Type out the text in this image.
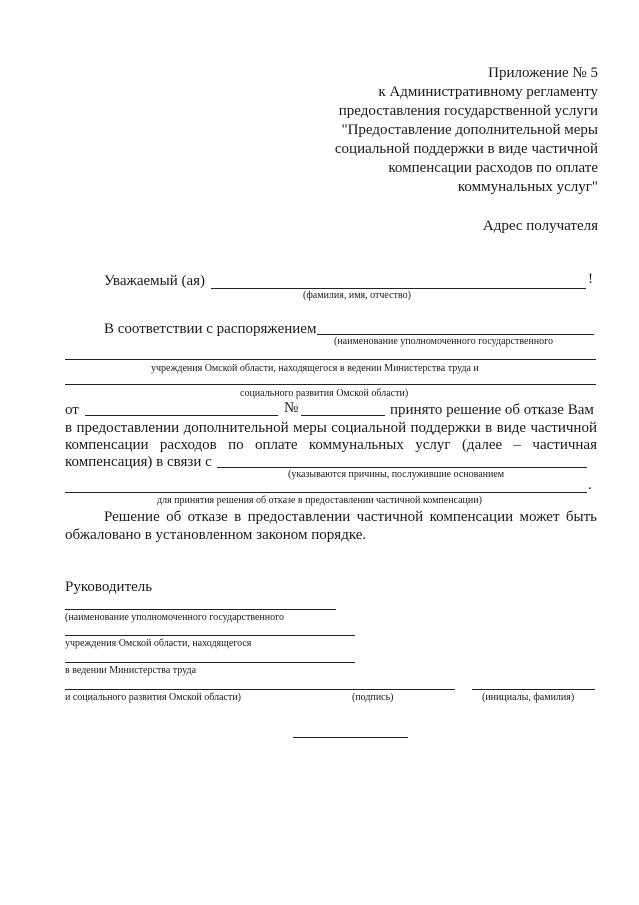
Приложение № 5
к Административному регламенту
предоставления государственной услуги
"Предоставление дополнительной меры
социальной поддержки в виде частичной
компенсации расходов по оплате
коммунальных услуг"
Адрес получателя
Уважаемый (ая)	!
(фамилия, имя, отчество)
В соответствии с распоряжением
(наименование уполномоченного государственного
учреждения Омской области, находящегося в ведении Министерства труда и
социального развития Омской области)
от	№	принято решение об отказе Вам
в предоставлении дополнительной меры социальной поддержки в виде частичной
компенсации расходов по оплате коммунальных услуг (далее – частичная
компенсация) в связи с
(указываются причины, послужившие основанием
.
для принятия решения об отказе в предоставлении частичной компенсации)
Решение об отказе в предоставлении частичной компенсации может быть
обжаловано в установленном законом порядке.
Руководитель
(наименование уполномоченного государственного
учреждения Омской области, находящегося
в ведении Министерства труда
и социального развития Омской области)	(подпись)	(инициалы, фамилия)
